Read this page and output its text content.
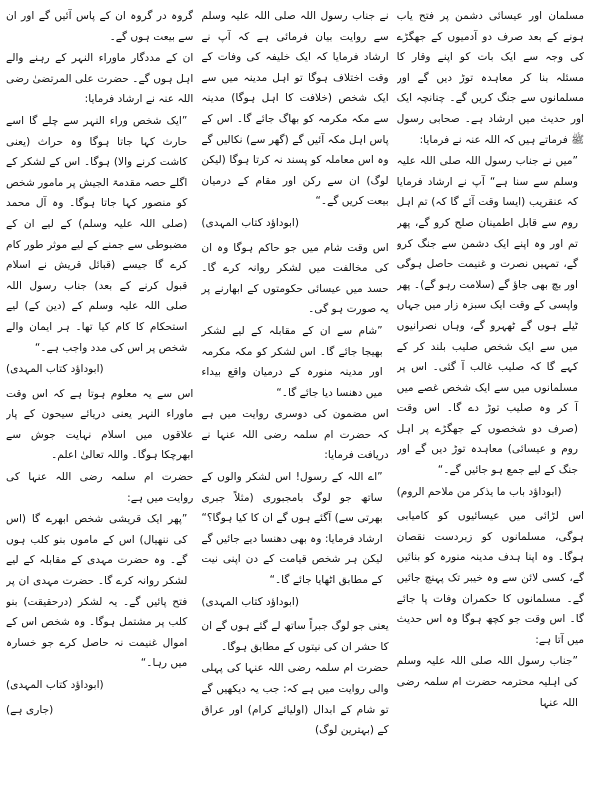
مسلمان اور عیسائی دشمن پر فتح یاب ہونے کے بعد صرف دو آدمیوں کے جھگڑے کی وجہ سے ایک بات کو اپنے وقار کا مسئلہ بنا کر معاہدہ توڑ دیں گے اور مسلمانوں سے جنگ کریں گے۔ چنانچہ ایک اور حدیث میں ارشاد ہے۔ صحابی رسول ﷺ فرماتے ہیں کہ اللہ عنہ نے فرمایا:

”میں نے جناب رسول اللہ صلی اللہ علیہ وسلم سے سنا ہے“ آپ نے ارشاد فرمایا کہ عنقریب (ایسا وقت آئے گا کہ) تم اہل روم سے قابل اطمینان صلح کرو گے، پھر تم اور وہ اپنے ایک دشمن سے جنگ کرو گے، تمہیں نصرت و غنیمت حاصل ہوگی اور بچ بھی جاؤ گے (سلامت رہو گے)۔ پھر واپسی کے وقت ایک سبزہ زار میں جہاں ٹیلے ہوں گے ٹھہرو گے، وہاں نصرانیوں میں سے ایک شخص صلیب بلند کر کے کہے گا کہ صلیب غالب آ گئی۔ اس پر مسلمانوں میں سے ایک شخص غصے میں آ کر وہ صلیب توڑ دے گا۔ اس وقت (صرف دو شخصوں کے جھگڑے پر اہل روم و عیسائی) معاہدہ توڑ دیں گے اور جنگ کے لیے جمع ہو جائیں گے۔“

(ابوداؤد باب ما یذکر من ملاحم الروم)

اس لڑائی میں عیسائیوں کو کامیابی ہوگی، مسلمانوں کو زبردست نقصان ہوگا۔ وہ اپنا ہدف مدینہ منورہ کو بنائیں گے، کسی لائن سے وہ خیبر تک پہنچ جائیں گے۔ مسلمانوں کا حکمران وفات پا جائے گا۔ اس وقت جو کچھ ہوگا وہ اس حدیث میں آتا ہے:

”جناب رسول اللہ صلی اللہ علیہ وسلم کی اہلیہ محترمہ حضرت ام سلمہ رضی اللہ عنہا

نے جناب رسول اللہ صلی اللہ علیہ وسلم سے روایت بیان فرمائی ہے کہ آپ نے ارشاد فرمایا کہ ایک خلیفہ کی وفات کے وقت اختلاف ہوگا تو اہل مدینہ میں سے ایک شخص (خلافت کا اہل ہوگا) مدینہ سے مکہ مکرمہ کو بھاگ جائے گا۔ اس کے پاس اہل مکہ آئیں گے (گھر سے) نکالیں گے وہ اس معاملہ کو پسند نہ کرتا ہوگا (لیکن لوگ) ان سے رکن اور مقام کے درمیان بیعت کریں گے۔“

(ابوداؤد کتاب المہدی)

اس وقت شام میں جو حاکم ہوگا وہ ان کی مخالفت میں لشکر روانہ کرے گا۔ حسد میں عیسائی حکومتوں کے ابھارنے پر یہ صورت ہو گی۔

”شام سے ان کے مقابلہ کے لیے لشکر بھیجا جائے گا۔ اس لشکر کو مکہ مکرمہ اور مدینہ منورہ کے درمیان واقع بیداء میں دھنسا دیا جائے گا۔“

اس مضمون کی دوسری روایت میں ہے کہ حضرت ام سلمہ رضی اللہ عنہا نے دریافت فرمایا:

”اے اللہ کے رسول! اس لشکر والوں کے ساتھ جو لوگ بامجبوری (مثلاً جبری بھرتی سے) آگئے ہوں گے ان کا کیا ہوگا؟“ ارشاد فرمایا: وہ بھی دھنسا دیے جائیں گے لیکن ہر شخص قیامت کے دن اپنی نیت کے مطابق اٹھایا جائے گا۔“

(ابوداؤد کتاب المہدی)

یعنی جو لوگ جبراً ساتھ لے گئے ہوں گے ان کا حشر ان کی نیتوں کے مطابق ہوگا۔

حضرت ام سلمہ رضی اللہ عنہا کی پہلی والی روایت میں ہے کہ: جب یہ دیکھیں گے تو شام کے ابدال (اولیائے کرام) اور عراق کے (بہترین لوگ)

گروہ در گروہ ان کے پاس آئیں گے اور ان سے بیعت ہوں گے۔

ان کے مددگار ماوراء النہر کے رہنے والے اہل ہوں گے۔ حضرت علی المرتضیٰ رضی اللہ عنہ نے ارشاد فرمایا:

”ایک شخص وراء النہر سے چلے گا اسے حارث کہا جاتا ہوگا وہ حراث (یعنی کاشت کرنے والا) ہوگا۔ اس کے لشکر کے اگلے حصہ مقدمۃ الجیش پر مامور شخص کو منصور کہا جاتا ہوگا۔ وہ آل محمد (صلی اللہ علیہ وسلم) کے لیے ان کے مضبوطی سے جمنے کے لیے موثر طور کام کرے گا جیسے (قبائل قریش نے اسلام قبول کرنے کے بعد) جناب رسول اللہ صلی اللہ علیہ وسلم کے (دین کے) لیے استحکام کا کام کیا تھا۔ ہر ایمان والے شخص پر اس کی مدد واجب ہے۔“

(ابوداؤد کتاب المہدی)

اس سے یہ معلوم ہوتا ہے کہ اس وقت ماوراء النہر یعنی دریائے سیحون کے پار علاقوں میں اسلام نہایت جوش سے ابھرچکا ہوگا۔ واللہ تعالیٰ اعلم۔

حضرت ام سلمہ رضی اللہ عنہا کی روایت میں ہے:

”پھر ایک قریشی شخص ابھرے گا (اس کی ننھیال) اس کے ماموں بنو کلب ہوں گے۔ وہ حضرت مہدی کے مقابلہ کے لیے لشکر روانہ کرے گا۔ حضرت مہدی ان پر فتح پائیں گے۔ یہ لشکر (درحقیقت) بنو کلب پر مشتمل ہوگا۔ وہ شخص اس کے اموال غنیمت نہ حاصل کرے جو خسارہ میں رہا۔“

(ابوداؤد کتاب المہدی)

(جاری ہے)
